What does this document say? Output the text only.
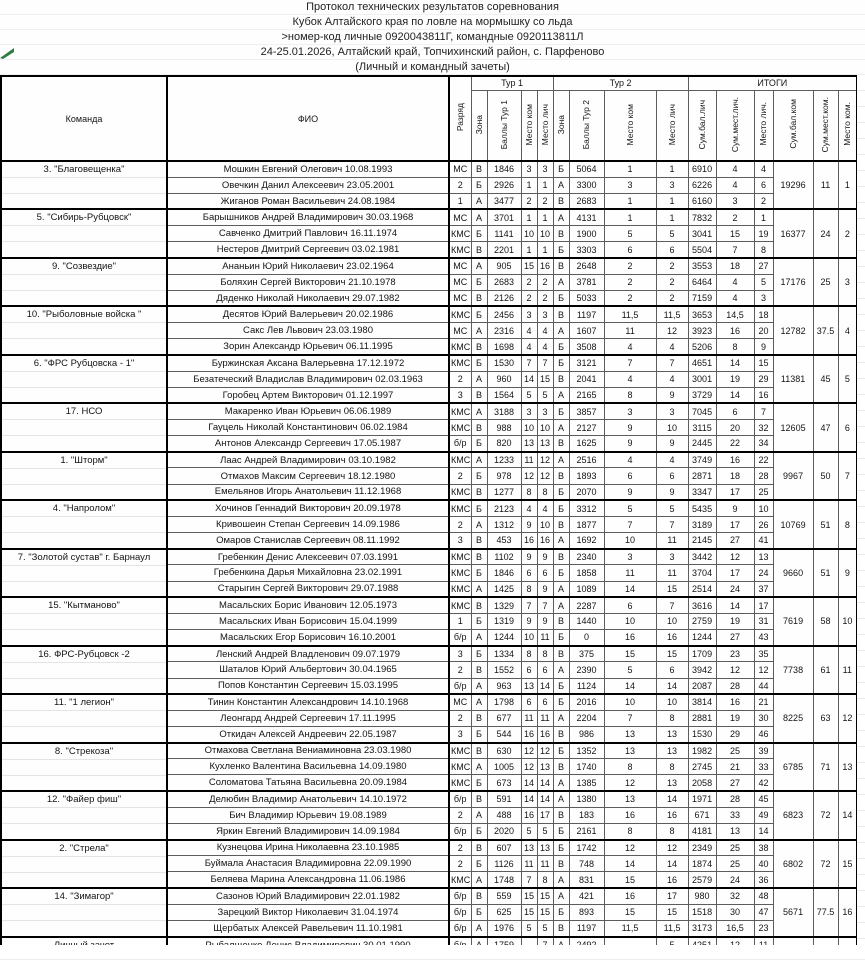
Протокол технических результатов соревнования
Кубок Алтайского края по ловле на мормышку со льда
>номер-код личные 0920043811Г, командные 0920113811Л
24-25.01.2026, Алтайский край, Топчихинский район, с. Парфеново
(Личный и командный зачеты)
Команда	ФИО	Разряд	Тур 1				Тур 2				ИТОГИ					
			Зона	Баллы Тур 1	Место ком	Место лич	Зона	Баллы Тур 2	Место ком	Место лич	Сум.бал.лич	Сум.мест.лич.	Место лич.	Сум.бал.ком	Сум.мест.ком.	Место ком.
3. "Благовещенка"	Мошкин Евгений Олегович 10.08.1993	МС	В	1846	3	3	Б	5064	1	1	6910	4	4	19296	11	1
	Овечкин Данил Алексеевич 23.05.2001	2	Б	2926	1	1	А	3300	3	3	6226	4	6			
	Жиганов Роман Васильевич 24.08.1984	1	А	3477	2	2	В	2683	1	1	6160	3	2			
5. "Сибирь-Рубцовск"	Барышников Андрей Владимирович 30.03.1968	МС	А	3701	1	1	А	4131	1	1	7832	2	1	16377	24	2
	Савченко Дмитрий Павлович 16.11.1974	КМС	Б	1141	10	10	В	1900	5	5	3041	15	19			
	Нестеров Дмитрий Сергеевич 03.02.1981	КМС	В	2201	1	1	Б	3303	6	6	5504	7	8			
9. "Созвездие"	Ананьин Юрий Николаевич 23.02.1964	МС	А	905	15	16	В	2648	2	2	3553	18	27	17176	25	3
	Боляхин Сергей Викторович 21.10.1978	МС	Б	2683	2	2	А	3781	2	2	6464	4	5			
	Дяденко Николай Николаевич 29.07.1982	МС	В	2126	2	2	Б	5033	2	2	7159	4	3			
10. "Рыболовные войска "	Десятов Юрий Валерьевич 20.02.1986	КМС	Б	2456	3	3	В	1197	11,5	11,5	3653	14,5	18	12782	37.5	4
	Сакс Лев Львович 23.03.1980	МС	А	2316	4	4	А	1607	11	12	3923	16	20			
	Зорин Александр Юрьевич 06.11.1995	КМС	В	1698	4	4	Б	3508	4	4	5206	8	9			
6. "ФРС Рубцовска - 1"	Буржинская Аксана Валерьевна 17.12.1972	КМС	Б	1530	7	7	Б	3121	7	7	4651	14	15	11381	45	5
	Безатеческий Владислав Владимирович 02.03.1963	2	А	960	14	15	В	2041	4	4	3001	19	29			
	Горобец Артем Викторович 01.12.1997	3	В	1564	5	5	А	2165	8	9	3729	14	16			
17. НСО	Макаренко Иван Юрьевич 06.06.1989	КМС	А	3188	3	3	Б	3857	3	3	7045	6	7	12605	47	6
	Гауцель Николай Константинович 06.02.1984	КМС	В	988	10	10	А	2127	9	10	3115	20	32			
	Антонов Александр Сергеевич 17.05.1987	б/р	Б	820	13	13	В	1625	9	9	2445	22	34			
1. "Шторм"	Лаас Андрей Владимирович 03.10.1982	КМС	А	1233	11	12	А	2516	4	4	3749	16	22	9967	50	7
	Отмахов Максим Сергеевич 18.12.1980	2	Б	978	12	12	В	1893	6	6	2871	18	28			
	Емельянов Игорь Анатольевич 11.12.1968	КМС	В	1277	8	8	Б	2070	9	9	3347	17	25			
4. "Напролом"	Хочинов Геннадий Викторович 20.09.1978	КМС	Б	2123	4	4	Б	3312	5	5	5435	9	10	10769	51	8
	Кривошеин Степан Сергеевич 14.09.1986	2	А	1312	9	10	В	1877	7	7	3189	17	26			
	Омаров Станислав Сергеевич 08.11.1992	3	В	453	16	16	А	1692	10	11	2145	27	41			
7. "Золотой сустав" г. Барнаул	Гребенкин Денис Алексеевич 07.03.1991	КМС	В	1102	9	9	В	2340	3	3	3442	12	13	9660	51	9
	Гребенкина Дарья Михайловна 23.02.1991	КМС	Б	1846	6	6	Б	1858	11	11	3704	17	24			
	Старыгин Сергей Викторович 29.07.1988	КМС	А	1425	8	9	А	1089	14	15	2514	24	37			
15. "Кытманово"	Масальских Борис Иванович 12.05.1973	КМС	В	1329	7	7	А	2287	6	7	3616	14	17	7619	58	10
	Масальских Иван Борисович 15.04.1999	1	Б	1319	9	9	В	1440	10	10	2759	19	31			
	Масальских Егор Борисович 16.10.2001	б/р	А	1244	10	11	Б	0	16	16	1244	27	43			
16. ФРС-Рубцовск -2	Ленский Андрей Владленович 09.07.1979	3	Б	1334	8	8	В	375	15	15	1709	23	35	7738	61	11
	Шаталов Юрий Альбертович 30.04.1965	2	В	1552	6	6	А	2390	5	6	3942	12	12			
	Попов Константин Сергеевич 15.03.1995	б/р	А	963	13	14	Б	1124	14	14	2087	28	44			
11. "1 легион"	Тинин Константин Александрович 14.10.1968	МС	А	1798	6	6	Б	2016	10	10	3814	16	21	8225	63	12
	Леонгард Андрей Сергеевич 17.11.1995	2	В	677	11	11	А	2204	7	8	2881	19	30			
	Откидач Алексей Андреевич 22.05.1987	3	Б	544	16	16	В	986	13	13	1530	29	46			
8. "Стрекоза"	Отмахова Светлана Вениаминовна 23.03.1980	КМС	В	630	12	12	Б	1352	13	13	1982	25	39	6785	71	13
	Кухленко Валентина Васильевна 14.09.1980	КМС	А	1005	12	13	В	1740	8	8	2745	21	33			
	Соломатова Татьяна Васильевна 20.09.1984	КМС	Б	673	14	14	А	1385	12	13	2058	27	42			
12. "Файер фиш"	Делюбин Владимир Анатольевич 14.10.1972	б/р	В	591	14	14	А	1380	13	14	1971	28	45	6823	72	14
	Бич Владимир Юрьевич 19.08.1989	2	А	488	16	17	В	183	16	16	671	33	49			
	Яркин Евгений Владимирович 14.09.1984	б/р	Б	2020	5	5	Б	2161	8	8	4181	13	14			
2. "Стрела"	Кузнецова Ирина Николаевна 23.10.1985	2	В	607	13	13	Б	1742	12	12	2349	25	38	6802	72	15
	Буймала Анастасия Владимировна 22.09.1990	2	Б	1126	11	11	В	748	14	14	1874	25	40			
	Беляева Марина Александровна 11.06.1986	КМС	А	1748	7	8	А	831	15	16	2579	24	36			
14. "Зимагор"	Сазонов Юрий Владимирович 22.01.1982	б/р	В	559	15	15	А	421	16	17	980	32	48	5671	77.5	16
	Зарецкий Виктор Николаевич 31.04.1974	б/р	Б	625	15	15	Б	893	15	15	1518	30	47			
	Щербатых Алексей Равельевич 11.10.1981	б/р	А	1976	5	5	В	1197	11,5	11,5	3173	16,5	23			
